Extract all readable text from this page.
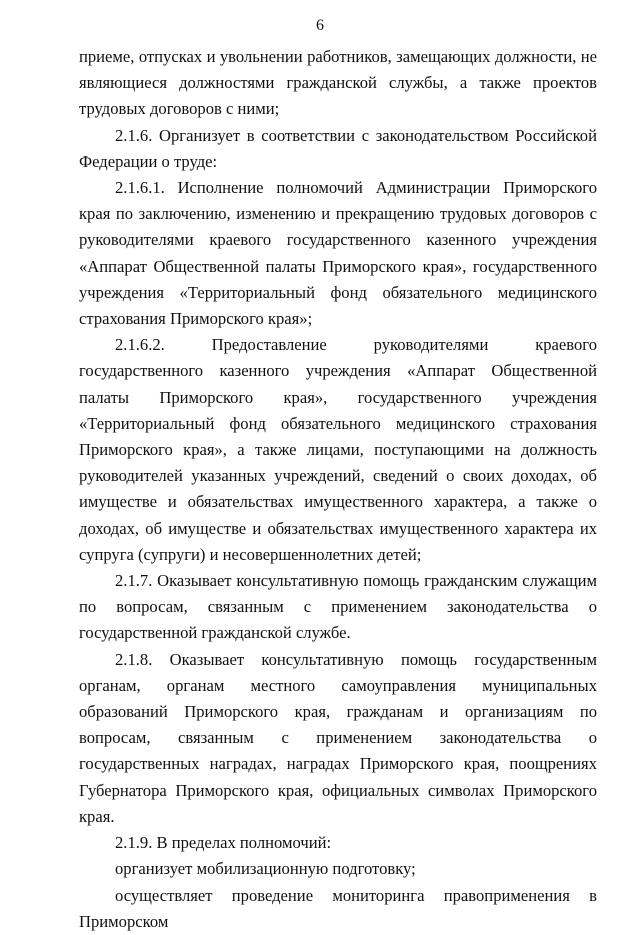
6

приеме, отпусках и увольнении работников, замещающих должности, не являющиеся должностями гражданской службы, а также проектов трудовых договоров с ними;

2.1.6. Организует в соответствии с законодательством Российской Федерации о труде:

2.1.6.1. Исполнение полномочий Администрации Приморского края по заключению, изменению и прекращению трудовых договоров с руководителями краевого государственного казенного учреждения «Аппарат Общественной палаты Приморского края», государственного учреждения «Территориальный фонд обязательного медицинского страхования Приморского края»;

2.1.6.2. Предоставление руководителями краевого государственного казенного учреждения «Аппарат Общественной палаты Приморского края», государственного учреждения «Территориальный фонд обязательного медицинского страхования Приморского края», а также лицами, поступающими на должность руководителей указанных учреждений, сведений о своих доходах, об имуществе и обязательствах имущественного характера, а также о доходах, об имуществе и обязательствах имущественного характера их супруга (супруги) и несовершеннолетних детей;

2.1.7. Оказывает консультативную помощь гражданским служащим по вопросам, связанным с применением законодательства о государственной гражданской службе.

2.1.8. Оказывает консультативную помощь государственным органам, органам местного самоуправления муниципальных образований Приморского края, гражданам и организациям по вопросам, связанным с применением законодательства о государственных наградах, наградах Приморского края, поощрениях Губернатора Приморского края, официальных символах Приморского края.

2.1.9. В пределах полномочий:

организует мобилизационную подготовку;

осуществляет проведение мониторинга правоприменения в Приморском
